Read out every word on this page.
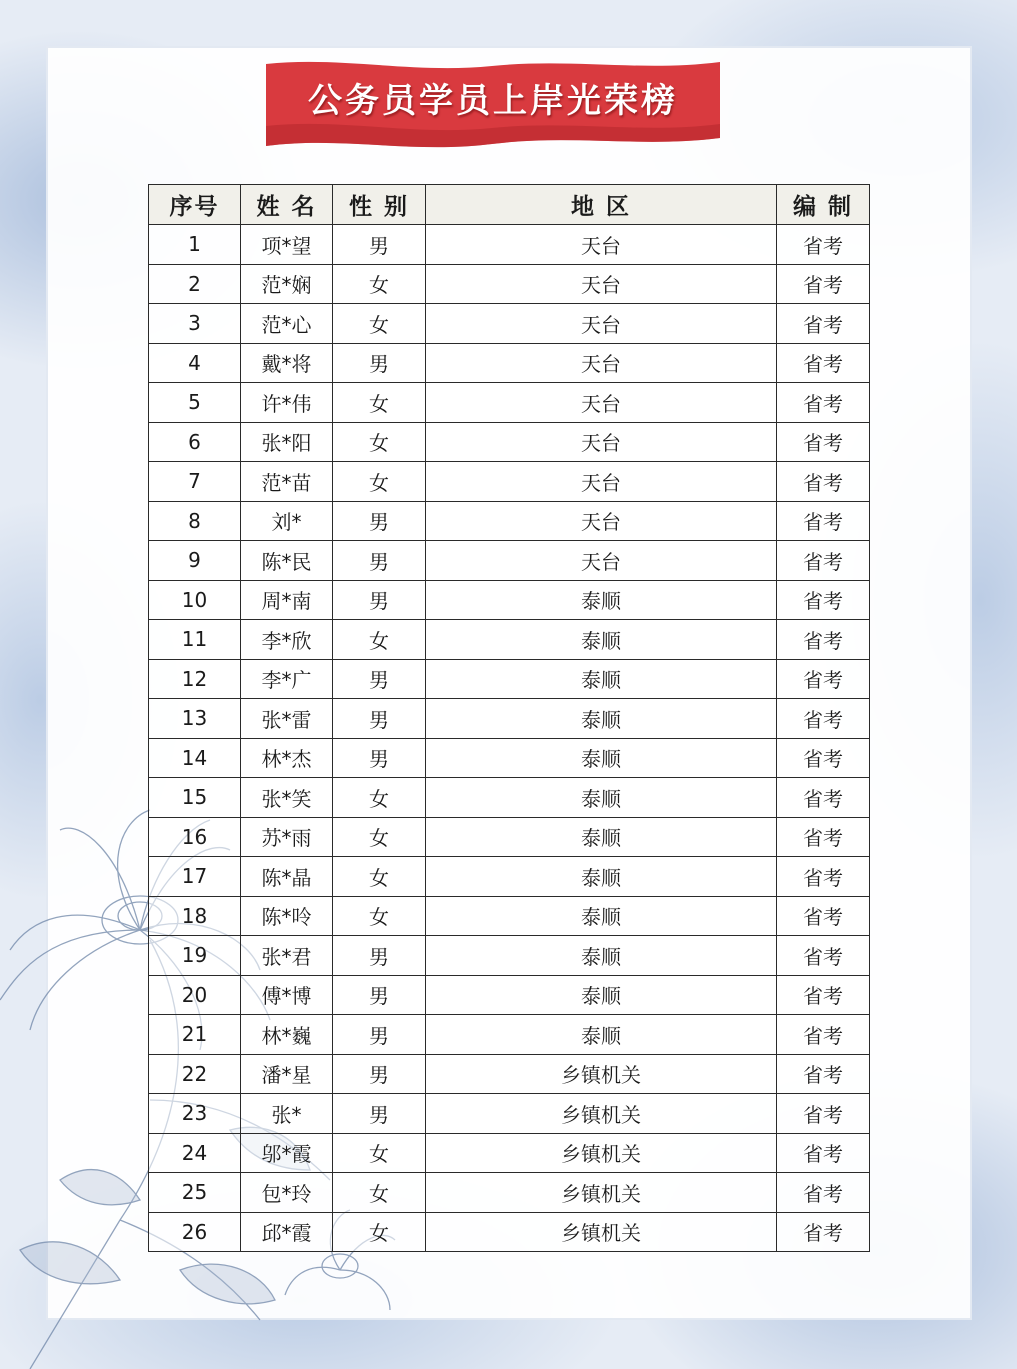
公务员学员上岸光荣榜
序号	姓 名	性 别	地 区	编 制
1	项*望	男	天台	省考
2	范*娴	女	天台	省考
3	范*心	女	天台	省考
4	戴*将	男	天台	省考
5	许*伟	女	天台	省考
6	张*阳	女	天台	省考
7	范*苗	女	天台	省考
8	刘*	男	天台	省考
9	陈*民	男	天台	省考
10	周*南	男	泰顺	省考
11	李*欣	女	泰顺	省考
12	李*广	男	泰顺	省考
13	张*雷	男	泰顺	省考
14	林*杰	男	泰顺	省考
15	张*笑	女	泰顺	省考
16	苏*雨	女	泰顺	省考
17	陈*晶	女	泰顺	省考
18	陈*呤	女	泰顺	省考
19	张*君	男	泰顺	省考
20	傅*博	男	泰顺	省考
21	林*巍	男	泰顺	省考
22	潘*星	男	乡镇机关	省考
23	张*	男	乡镇机关	省考
24	邬*霞	女	乡镇机关	省考
25	包*玲	女	乡镇机关	省考
26	邱*霞	女	乡镇机关	省考
